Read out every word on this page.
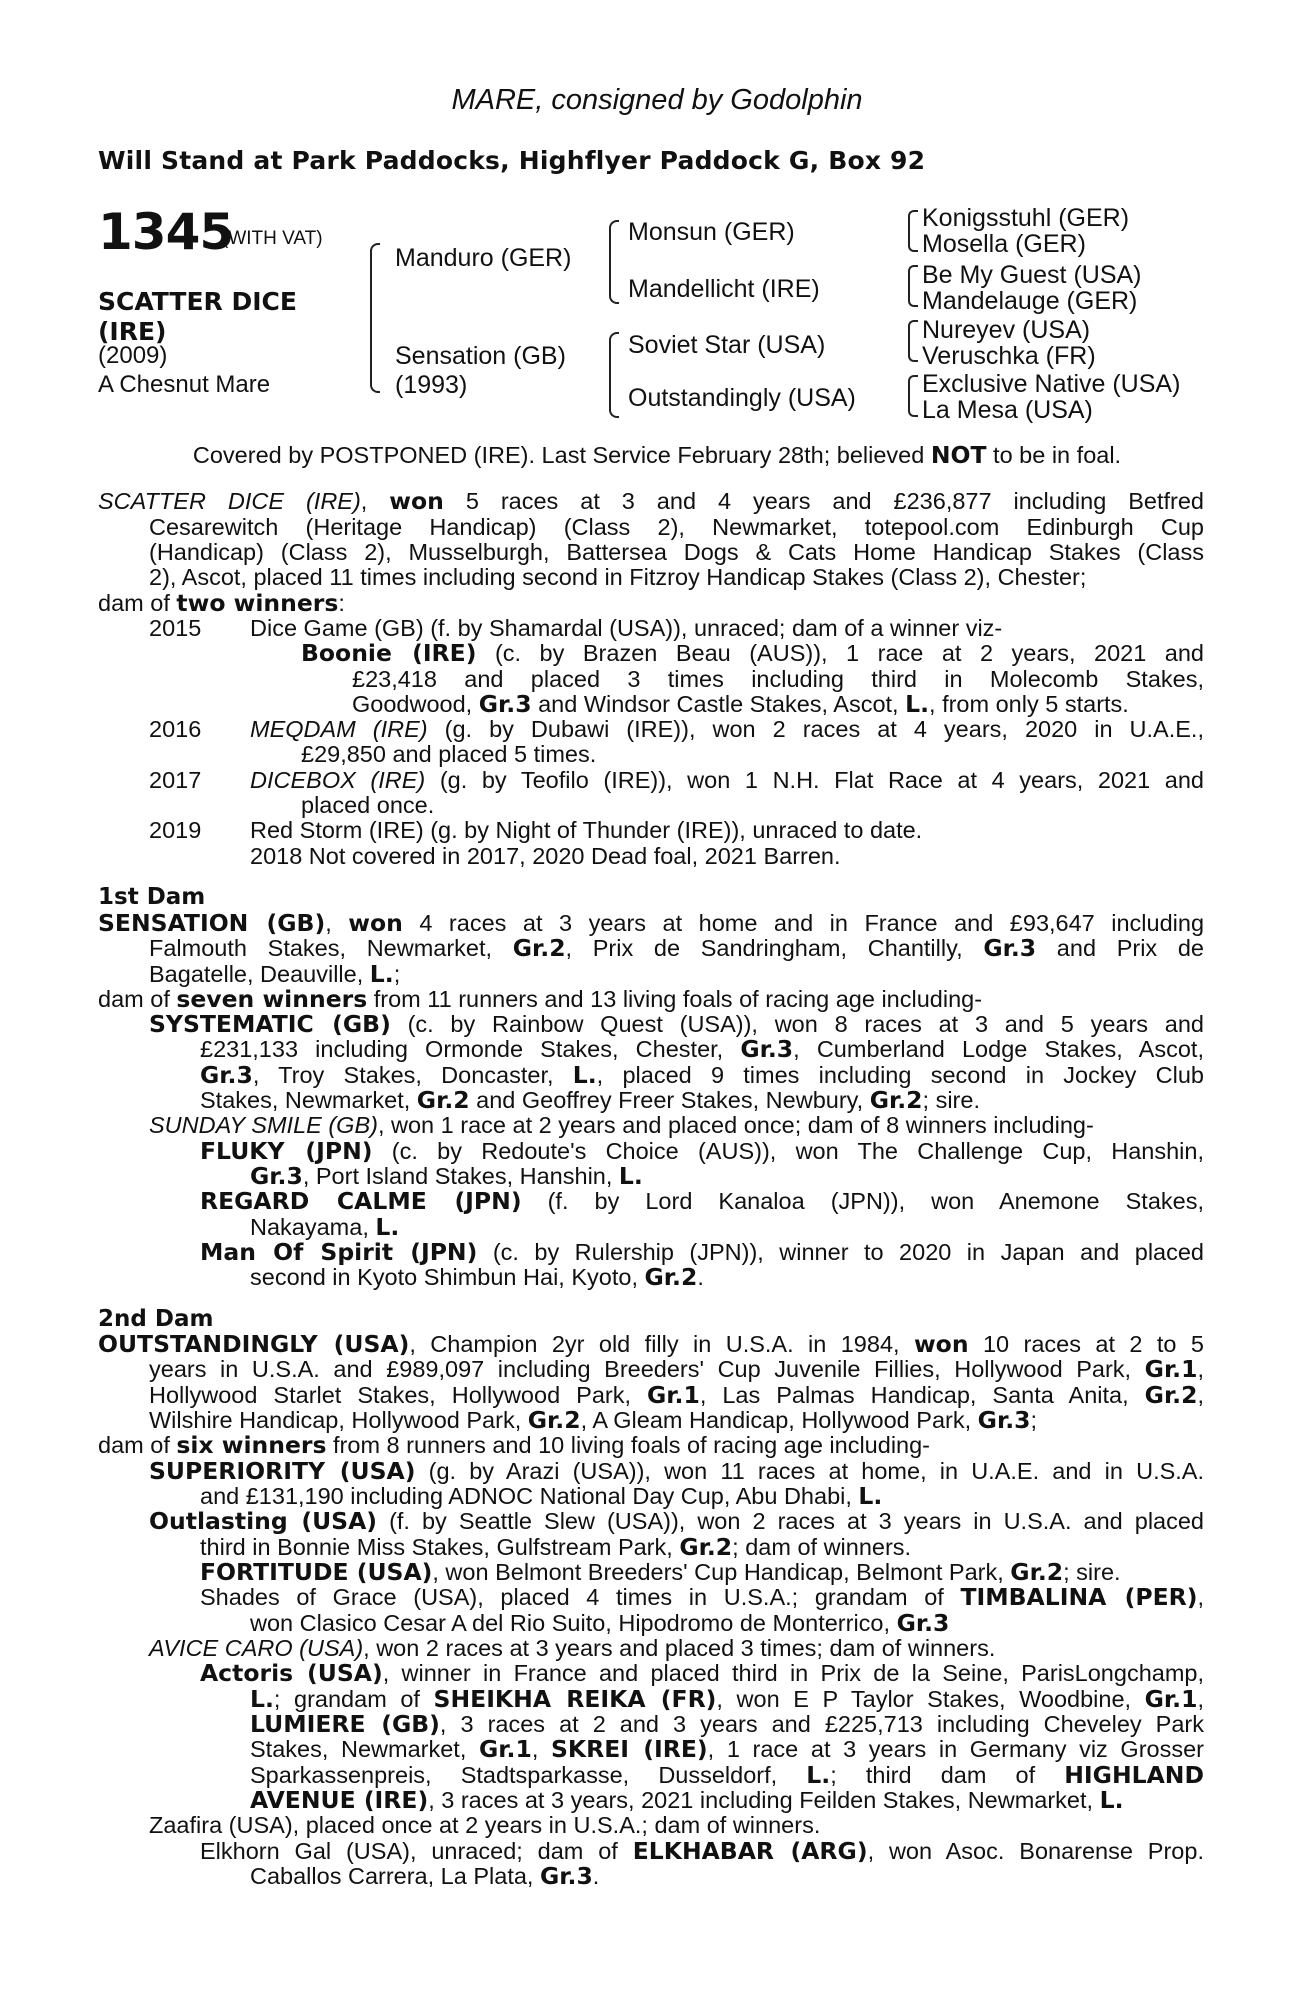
MARE, consigned by Godolphin
Will Stand at Park Paddocks, Highflyer Paddock G, Box 92
1345
(WITH VAT)
SCATTER DICE
(IRE)
(2009)
A Chesnut Mare
Manduro (GER)
Sensation (GB)
(1993)
Monsun (GER)
Mandellicht (IRE)
Soviet Star (USA)
Outstandingly (USA)
Konigsstuhl (GER)
Mosella (GER)
Be My Guest (USA)
Mandelauge (GER)
Nureyev (USA)
Veruschka (FR)
Exclusive Native (USA)
La Mesa (USA)
Covered by POSTPONED (IRE). Last Service February 28th; believed NOT to be in foal.
SCATTER DICE (IRE), won 5 races at 3 and 4 years and £236,877 including Betfred
Cesarewitch (Heritage Handicap) (Class 2), Newmarket, totepool.com Edinburgh Cup
(Handicap) (Class 2), Musselburgh, Battersea Dogs & Cats Home Handicap Stakes (Class
2), Ascot, placed 11 times including second in Fitzroy Handicap Stakes (Class 2), Chester;
dam of two winners:
2015 Dice Game (GB) (f. by Shamardal (USA)), unraced; dam of a winner viz-
Boonie (IRE) (c. by Brazen Beau (AUS)), 1 race at 2 years, 2021 and
£23,418 and placed 3 times including third in Molecomb Stakes,
Goodwood, Gr.3 and Windsor Castle Stakes, Ascot, L., from only 5 starts.
2016 MEQDAM (IRE) (g. by Dubawi (IRE)), won 2 races at 4 years, 2020 in U.A.E.,
£29,850 and placed 5 times.
2017 DICEBOX (IRE) (g. by Teofilo (IRE)), won 1 N.H. Flat Race at 4 years, 2021 and
placed once.
2019 Red Storm (IRE) (g. by Night of Thunder (IRE)), unraced to date.
2018 Not covered in 2017, 2020 Dead foal, 2021 Barren.
1st Dam
SENSATION (GB), won 4 races at 3 years at home and in France and £93,647 including
Falmouth Stakes, Newmarket, Gr.2, Prix de Sandringham, Chantilly, Gr.3 and Prix de
Bagatelle, Deauville, L.;
dam of seven winners from 11 runners and 13 living foals of racing age including-
SYSTEMATIC (GB) (c. by Rainbow Quest (USA)), won 8 races at 3 and 5 years and
£231,133 including Ormonde Stakes, Chester, Gr.3, Cumberland Lodge Stakes, Ascot,
Gr.3, Troy Stakes, Doncaster, L., placed 9 times including second in Jockey Club
Stakes, Newmarket, Gr.2 and Geoffrey Freer Stakes, Newbury, Gr.2; sire.
SUNDAY SMILE (GB), won 1 race at 2 years and placed once; dam of 8 winners including-
FLUKY (JPN) (c. by Redoute's Choice (AUS)), won The Challenge Cup, Hanshin,
Gr.3, Port Island Stakes, Hanshin, L.
REGARD CALME (JPN) (f. by Lord Kanaloa (JPN)), won Anemone Stakes,
Nakayama, L.
Man Of Spirit (JPN) (c. by Rulership (JPN)), winner to 2020 in Japan and placed
second in Kyoto Shimbun Hai, Kyoto, Gr.2.
2nd Dam
OUTSTANDINGLY (USA), Champion 2yr old filly in U.S.A. in 1984, won 10 races at 2 to 5
years in U.S.A. and £989,097 including Breeders' Cup Juvenile Fillies, Hollywood Park, Gr.1,
Hollywood Starlet Stakes, Hollywood Park, Gr.1, Las Palmas Handicap, Santa Anita, Gr.2,
Wilshire Handicap, Hollywood Park, Gr.2, A Gleam Handicap, Hollywood Park, Gr.3;
dam of six winners from 8 runners and 10 living foals of racing age including-
SUPERIORITY (USA) (g. by Arazi (USA)), won 11 races at home, in U.A.E. and in U.S.A.
and £131,190 including ADNOC National Day Cup, Abu Dhabi, L.
Outlasting (USA) (f. by Seattle Slew (USA)), won 2 races at 3 years in U.S.A. and placed
third in Bonnie Miss Stakes, Gulfstream Park, Gr.2; dam of winners.
FORTITUDE (USA), won Belmont Breeders' Cup Handicap, Belmont Park, Gr.2; sire.
Shades of Grace (USA), placed 4 times in U.S.A.; grandam of TIMBALINA (PER),
won Clasico Cesar A del Rio Suito, Hipodromo de Monterrico, Gr.3
AVICE CARO (USA), won 2 races at 3 years and placed 3 times; dam of winners.
Actoris (USA), winner in France and placed third in Prix de la Seine, ParisLongchamp,
L.; grandam of SHEIKHA REIKA (FR), won E P Taylor Stakes, Woodbine, Gr.1,
LUMIERE (GB), 3 races at 2 and 3 years and £225,713 including Cheveley Park
Stakes, Newmarket, Gr.1, SKREI (IRE), 1 race at 3 years in Germany viz Grosser
Sparkassenpreis, Stadtsparkasse, Dusseldorf, L.; third dam of HIGHLAND
AVENUE (IRE), 3 races at 3 years, 2021 including Feilden Stakes, Newmarket, L.
Zaafira (USA), placed once at 2 years in U.S.A.; dam of winners.
Elkhorn Gal (USA), unraced; dam of ELKHABAR (ARG), won Asoc. Bonarense Prop.
Caballos Carrera, La Plata, Gr.3.
